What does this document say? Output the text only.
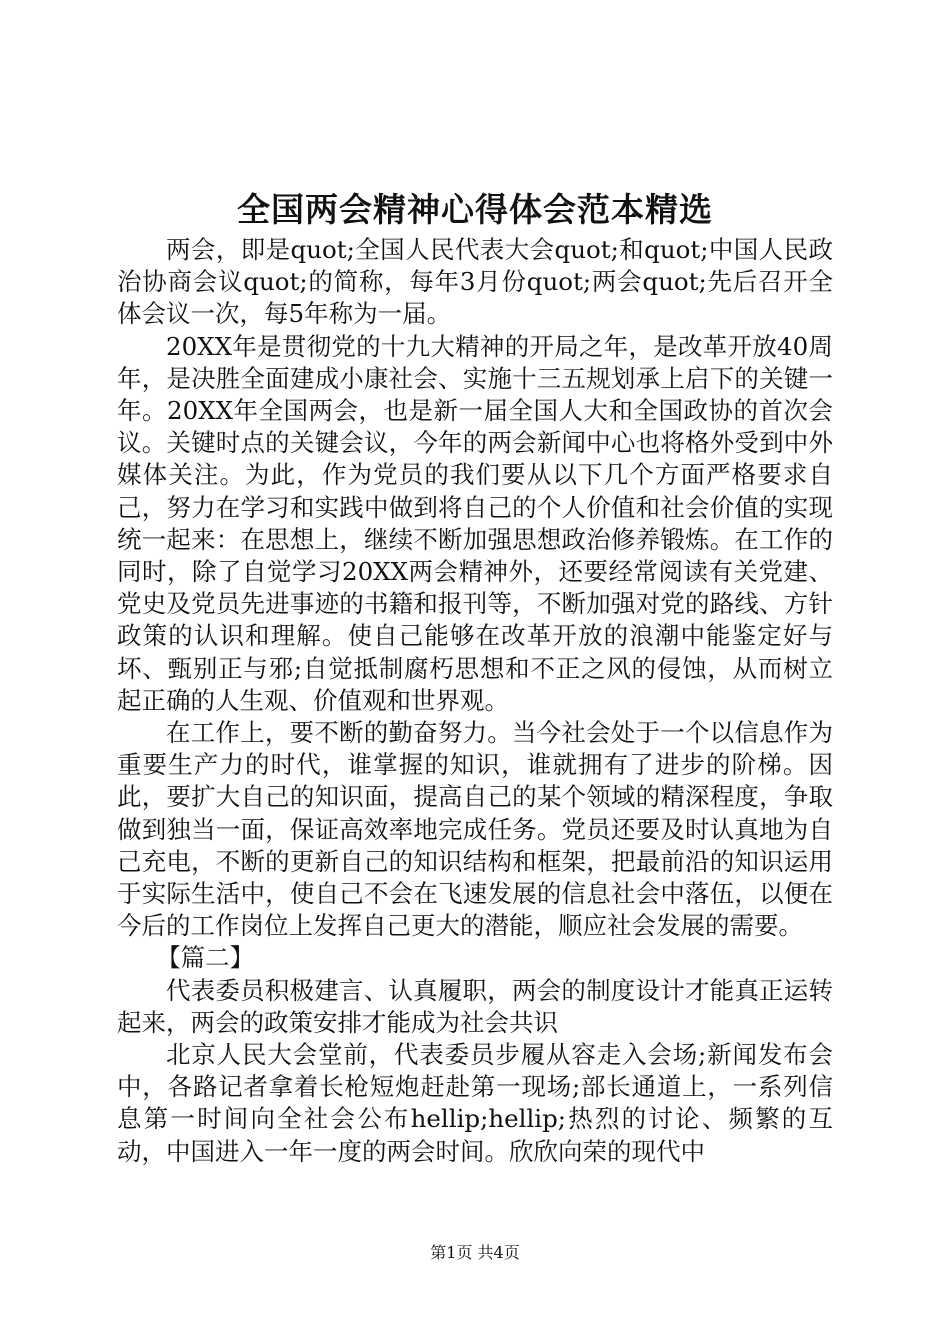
全国两会精神心得体会范本精选

两会，即是quot;全国人民代表大会quot;和quot;中国人民政治协商会议quot;的简称，每年3月份quot;两会quot;先后召开全体会议一次，每5年称为一届。

20XX年是贯彻党的十九大精神的开局之年，是改革开放40周年，是决胜全面建成小康社会、实施十三五规划承上启下的关键一年。20XX年全国两会，也是新一届全国人大和全国政协的首次会议。关键时点的关键会议，今年的两会新闻中心也将格外受到中外媒体关注。为此，作为党员的我们要从以下几个方面严格要求自己，努力在学习和实践中做到将自己的个人价值和社会价值的实现统一起来：在思想上，继续不断加强思想政治修养锻炼。在工作的同时，除了自觉学习20XX两会精神外，还要经常阅读有关党建、党史及党员先进事迹的书籍和报刊等，不断加强对党的路线、方针政策的认识和理解。使自己能够在改革开放的浪潮中能鉴定好与坏、甄别正与邪;自觉抵制腐朽思想和不正之风的侵蚀，从而树立起正确的人生观、价值观和世界观。

在工作上，要不断的勤奋努力。当今社会处于一个以信息作为重要生产力的时代，谁掌握的知识，谁就拥有了进步的阶梯。因此，要扩大自己的知识面，提高自己的某个领域的精深程度，争取做到独当一面，保证高效率地完成任务。党员还要及时认真地为自己充电，不断的更新自己的知识结构和框架，把最前沿的知识运用于实际生活中，使自己不会在飞速发展的信息社会中落伍，以便在今后的工作岗位上发挥自己更大的潜能，顺应社会发展的需要。

【篇二】

代表委员积极建言、认真履职，两会的制度设计才能真正运转起来，两会的政策安排才能成为社会共识

北京人民大会堂前，代表委员步履从容走入会场;新闻发布会中，各路记者拿着长枪短炮赶赴第一现场;部长通道上，一系列信息第一时间向全社会公布hellip;hellip;热烈的讨论、频繁的互动，中国进入一年一度的两会时间。欣欣向荣的现代中

第1页 共4页
